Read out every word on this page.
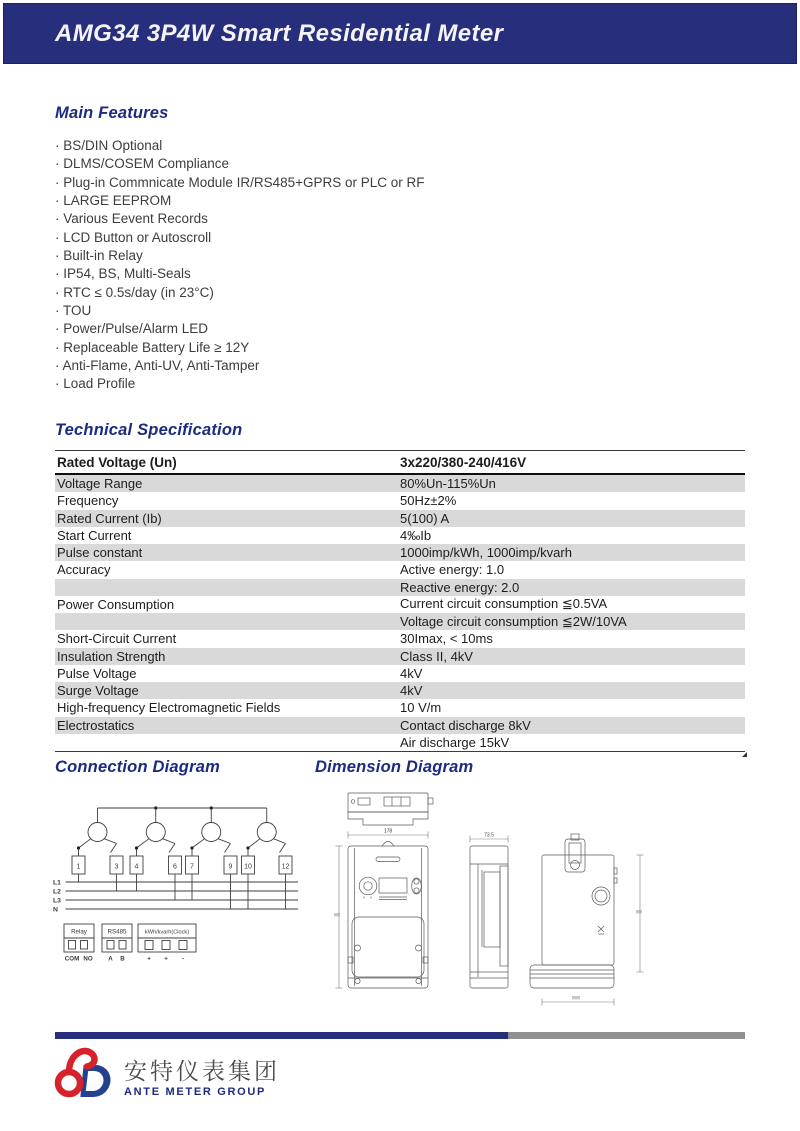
AMG34 3P4W Smart Residential Meter
Main Features
· BS/DIN Optional
· DLMS/COSEM Compliance
· Plug-in Commnicate Module IR/RS485+GPRS or PLC or RF
· LARGE EEPROM
· Various Eevent Records
· LCD Button or Autoscroll
· Built-in Relay
· IP54, BS, Multi-Seals
· RTC ≤ 0.5s/day (in 23°C)
· TOU
· Power/Pulse/Alarm LED
· Replaceable Battery Life ≥ 12Y
· Anti-Flame, Anti-UV, Anti-Tamper
· Load Profile
Technical Specification
Rated Voltage (Un)	3x220/380-240/416V
Voltage Range	80%Un-115%Un
Frequency	50Hz±2%
Rated Current (Ib)	5(100) A
Start Current	4‰Ib
Pulse constant	1000imp/kWh, 1000imp/kvarh
Accuracy	Active energy: 1.0
Reactive energy: 2.0
Power Consumption	Current circuit consumption ≦0.5VA
Voltage circuit consumption ≦2W/10VA
Short-Circuit Current	30Imax, < 10ms
Insulation Strength	Class II, 4kV
Pulse Voltage	4kV
Surge Voltage	4kV
High-frequency Electromagnetic Fields	10 V/m
Electrostatics	Contact discharge 8kV
Air discharge 15kV
Connection Diagram	Dimension Diagram
1	3 4	6 7	9 10	12
L1
L2
L3
N
Relay	RS485	kWh/kvarh(Clock)
COM NO	A B	+ + -
178
73.5
安特仪表集团
ANTE METER GROUP
